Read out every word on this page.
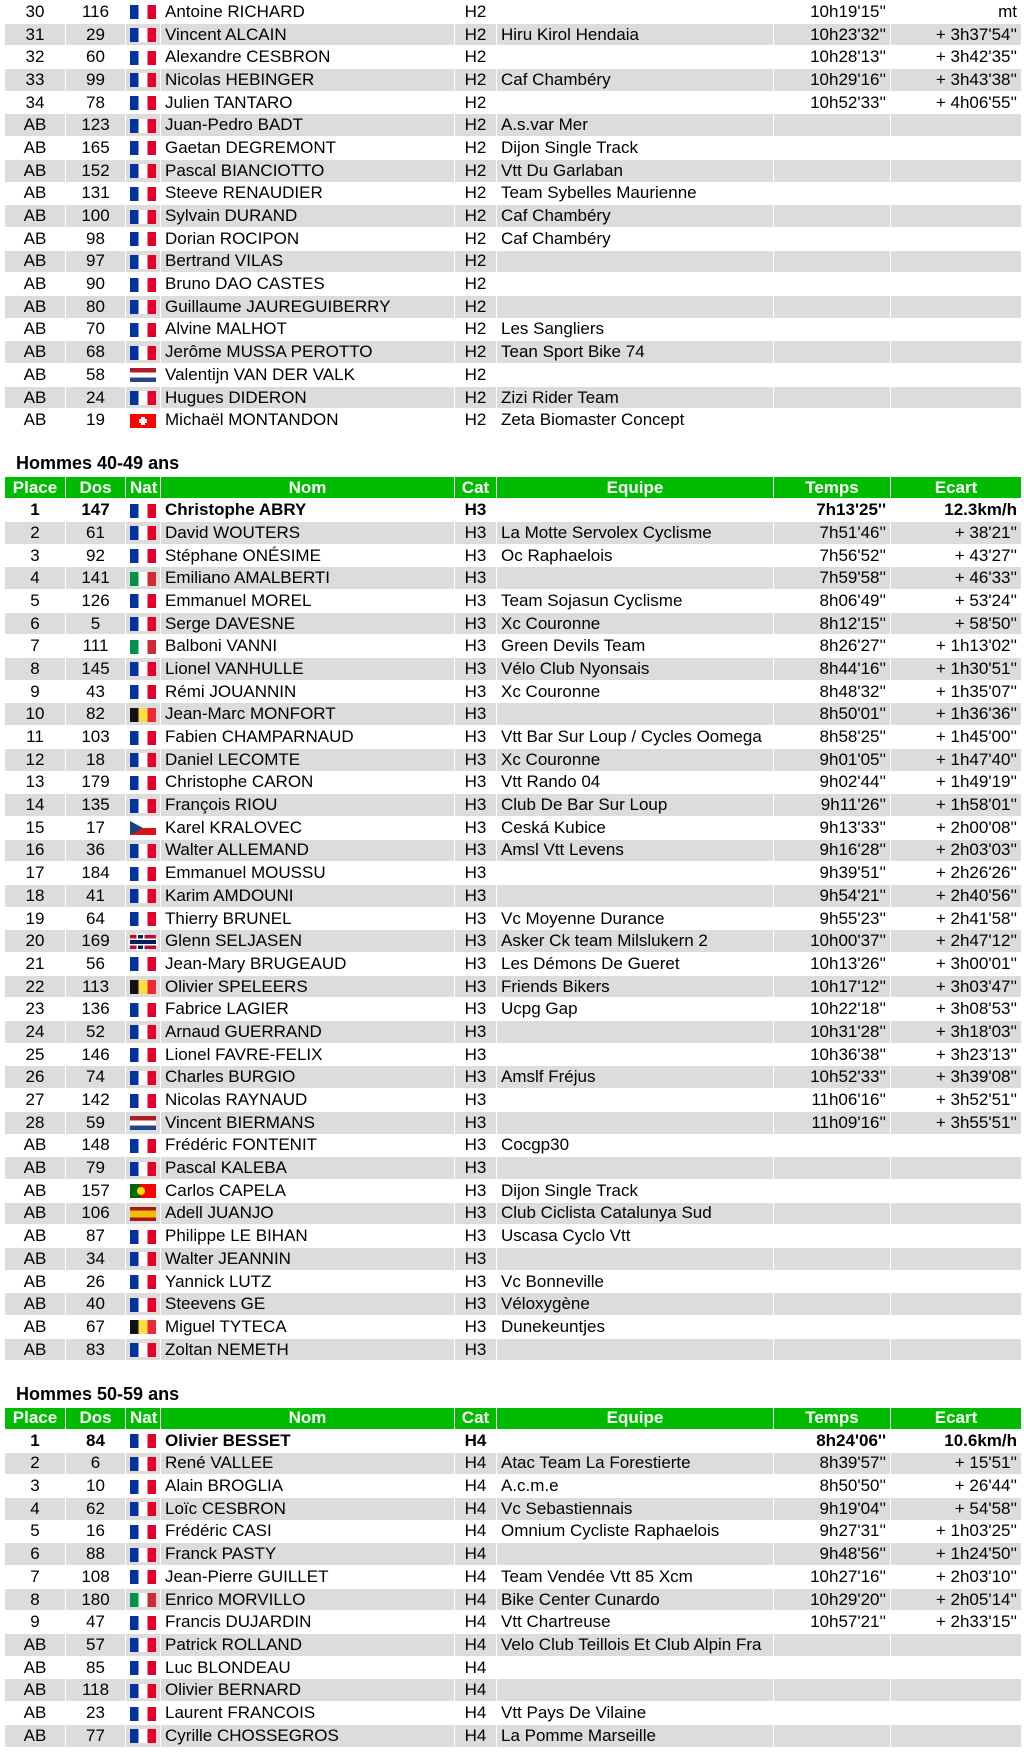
30	116		Antoine RICHARD	H2		10h19'15''	mt
31	29		Vincent ALCAIN	H2	Hiru Kirol Hendaia	10h23'32''	+ 3h37'54''
32	60		Alexandre CESBRON	H2		10h28'13''	+ 3h42'35''
33	99		Nicolas HEBINGER	H2	Caf Chambéry	10h29'16''	+ 3h43'38''
34	78		Julien TANTARO	H2		10h52'33''	+ 4h06'55''
AB	123		Juan-Pedro BADT	H2	A.s.var Mer		
AB	165		Gaetan DEGREMONT	H2	Dijon Single Track		
AB	152		Pascal BIANCIOTTO	H2	Vtt Du Garlaban		
AB	131		Steeve RENAUDIER	H2	Team Sybelles Maurienne		
AB	100		Sylvain DURAND	H2	Caf Chambéry		
AB	98		Dorian ROCIPON	H2	Caf Chambéry		
AB	97		Bertrand VILAS	H2			
AB	90		Bruno DAO CASTES	H2			
AB	80		Guillaume JAUREGUIBERRY	H2			
AB	70		Alvine MALHOT	H2	Les Sangliers		
AB	68		Jerôme MUSSA PEROTTO	H2	Tean Sport Bike 74		
AB	58		Valentijn VAN DER VALK	H2			
AB	24		Hugues DIDERON	H2	Zizi Rider Team		
AB	19		Michaël MONTANDON	H2	Zeta Biomaster Concept		
Hommes 40-49 ans
Place	Dos	Nat	Nom	Cat	Equipe	Temps	Ecart
1	147		Christophe ABRY	H3		7h13'25''	12.3km/h
2	61		David WOUTERS	H3	La Motte Servolex Cyclisme	7h51'46''	+ 38'21''
3	92		Stéphane ONÉSIME	H3	Oc Raphaelois	7h56'52''	+ 43'27''
4	141		Emiliano AMALBERTI	H3		7h59'58''	+ 46'33''
5	126		Emmanuel MOREL	H3	Team Sojasun Cyclisme	8h06'49''	+ 53'24''
6	5		Serge DAVESNE	H3	Xc Couronne	8h12'15''	+ 58'50''
7	111		Balboni VANNI	H3	Green Devils Team	8h26'27''	+ 1h13'02''
8	145		Lionel VANHULLE	H3	Vélo Club Nyonsais	8h44'16''	+ 1h30'51''
9	43		Rémi JOUANNIN	H3	Xc Couronne	8h48'32''	+ 1h35'07''
10	82		Jean-Marc MONFORT	H3		8h50'01''	+ 1h36'36''
11	103		Fabien CHAMPARNAUD	H3	Vtt Bar Sur Loup / Cycles Oomega	8h58'25''	+ 1h45'00''
12	18		Daniel LECOMTE	H3	Xc Couronne	9h01'05''	+ 1h47'40''
13	179		Christophe CARON	H3	Vtt Rando 04	9h02'44''	+ 1h49'19''
14	135		François RIOU	H3	Club De Bar Sur Loup	9h11'26''	+ 1h58'01''
15	17		Karel KRALOVEC	H3	Ceská Kubice	9h13'33''	+ 2h00'08''
16	36		Walter ALLEMAND	H3	Amsl Vtt Levens	9h16'28''	+ 2h03'03''
17	184		Emmanuel MOUSSU	H3		9h39'51''	+ 2h26'26''
18	41		Karim AMDOUNI	H3		9h54'21''	+ 2h40'56''
19	64		Thierry BRUNEL	H3	Vc Moyenne Durance	9h55'23''	+ 2h41'58''
20	169		Glenn SELJASEN	H3	Asker Ck team Milslukern 2	10h00'37''	+ 2h47'12''
21	56		Jean-Mary BRUGEAUD	H3	Les Démons De Gueret	10h13'26''	+ 3h00'01''
22	113		Olivier SPELEERS	H3	Friends Bikers	10h17'12''	+ 3h03'47''
23	136		Fabrice LAGIER	H3	Ucpg Gap	10h22'18''	+ 3h08'53''
24	52		Arnaud GUERRAND	H3		10h31'28''	+ 3h18'03''
25	146		Lionel FAVRE-FELIX	H3		10h36'38''	+ 3h23'13''
26	74		Charles BURGIO	H3	Amslf Fréjus	10h52'33''	+ 3h39'08''
27	142		Nicolas RAYNAUD	H3		11h06'16''	+ 3h52'51''
28	59		Vincent BIERMANS	H3		11h09'16''	+ 3h55'51''
AB	148		Frédéric FONTENIT	H3	Cocgp30		
AB	79		Pascal KALEBA	H3			
AB	157		Carlos CAPELA	H3	Dijon Single Track		
AB	106		Adell JUANJO	H3	Club Ciclista Catalunya Sud		
AB	87		Philippe LE BIHAN	H3	Uscasa Cyclo Vtt		
AB	34		Walter JEANNIN	H3			
AB	26		Yannick LUTZ	H3	Vc Bonneville		
AB	40		Steevens GE	H3	Véloxygène		
AB	67		Miguel TYTECA	H3	Dunekeuntjes		
AB	83		Zoltan NEMETH	H3			
Hommes 50-59 ans
Place	Dos	Nat	Nom	Cat	Equipe	Temps	Ecart
1	84		Olivier BESSET	H4		8h24'06''	10.6km/h
2	6		René VALLEE	H4	Atac Team La Forestierte	8h39'57''	+ 15'51''
3	10		Alain BROGLIA	H4	A.c.m.e	8h50'50''	+ 26'44''
4	62		Loïc CESBRON	H4	Vc Sebastiennais	9h19'04''	+ 54'58''
5	16		Frédéric CASI	H4	Omnium Cycliste Raphaelois	9h27'31''	+ 1h03'25''
6	88		Franck PASTY	H4		9h48'56''	+ 1h24'50''
7	108		Jean-Pierre GUILLET	H4	Team Vendée Vtt 85 Xcm	10h27'16''	+ 2h03'10''
8	180		Enrico MORVILLO	H4	Bike Center Cunardo	10h29'20''	+ 2h05'14''
9	47		Francis DUJARDIN	H4	Vtt Chartreuse	10h57'21''	+ 2h33'15''
AB	57		Patrick ROLLAND	H4	Velo Club Teillois Et Club Alpin Fra		
AB	85		Luc BLONDEAU	H4			
AB	118		Olivier BERNARD	H4			
AB	23		Laurent FRANCOIS	H4	Vtt Pays De Vilaine		
AB	77		Cyrille CHOSSEGROS	H4	La Pomme Marseille		
